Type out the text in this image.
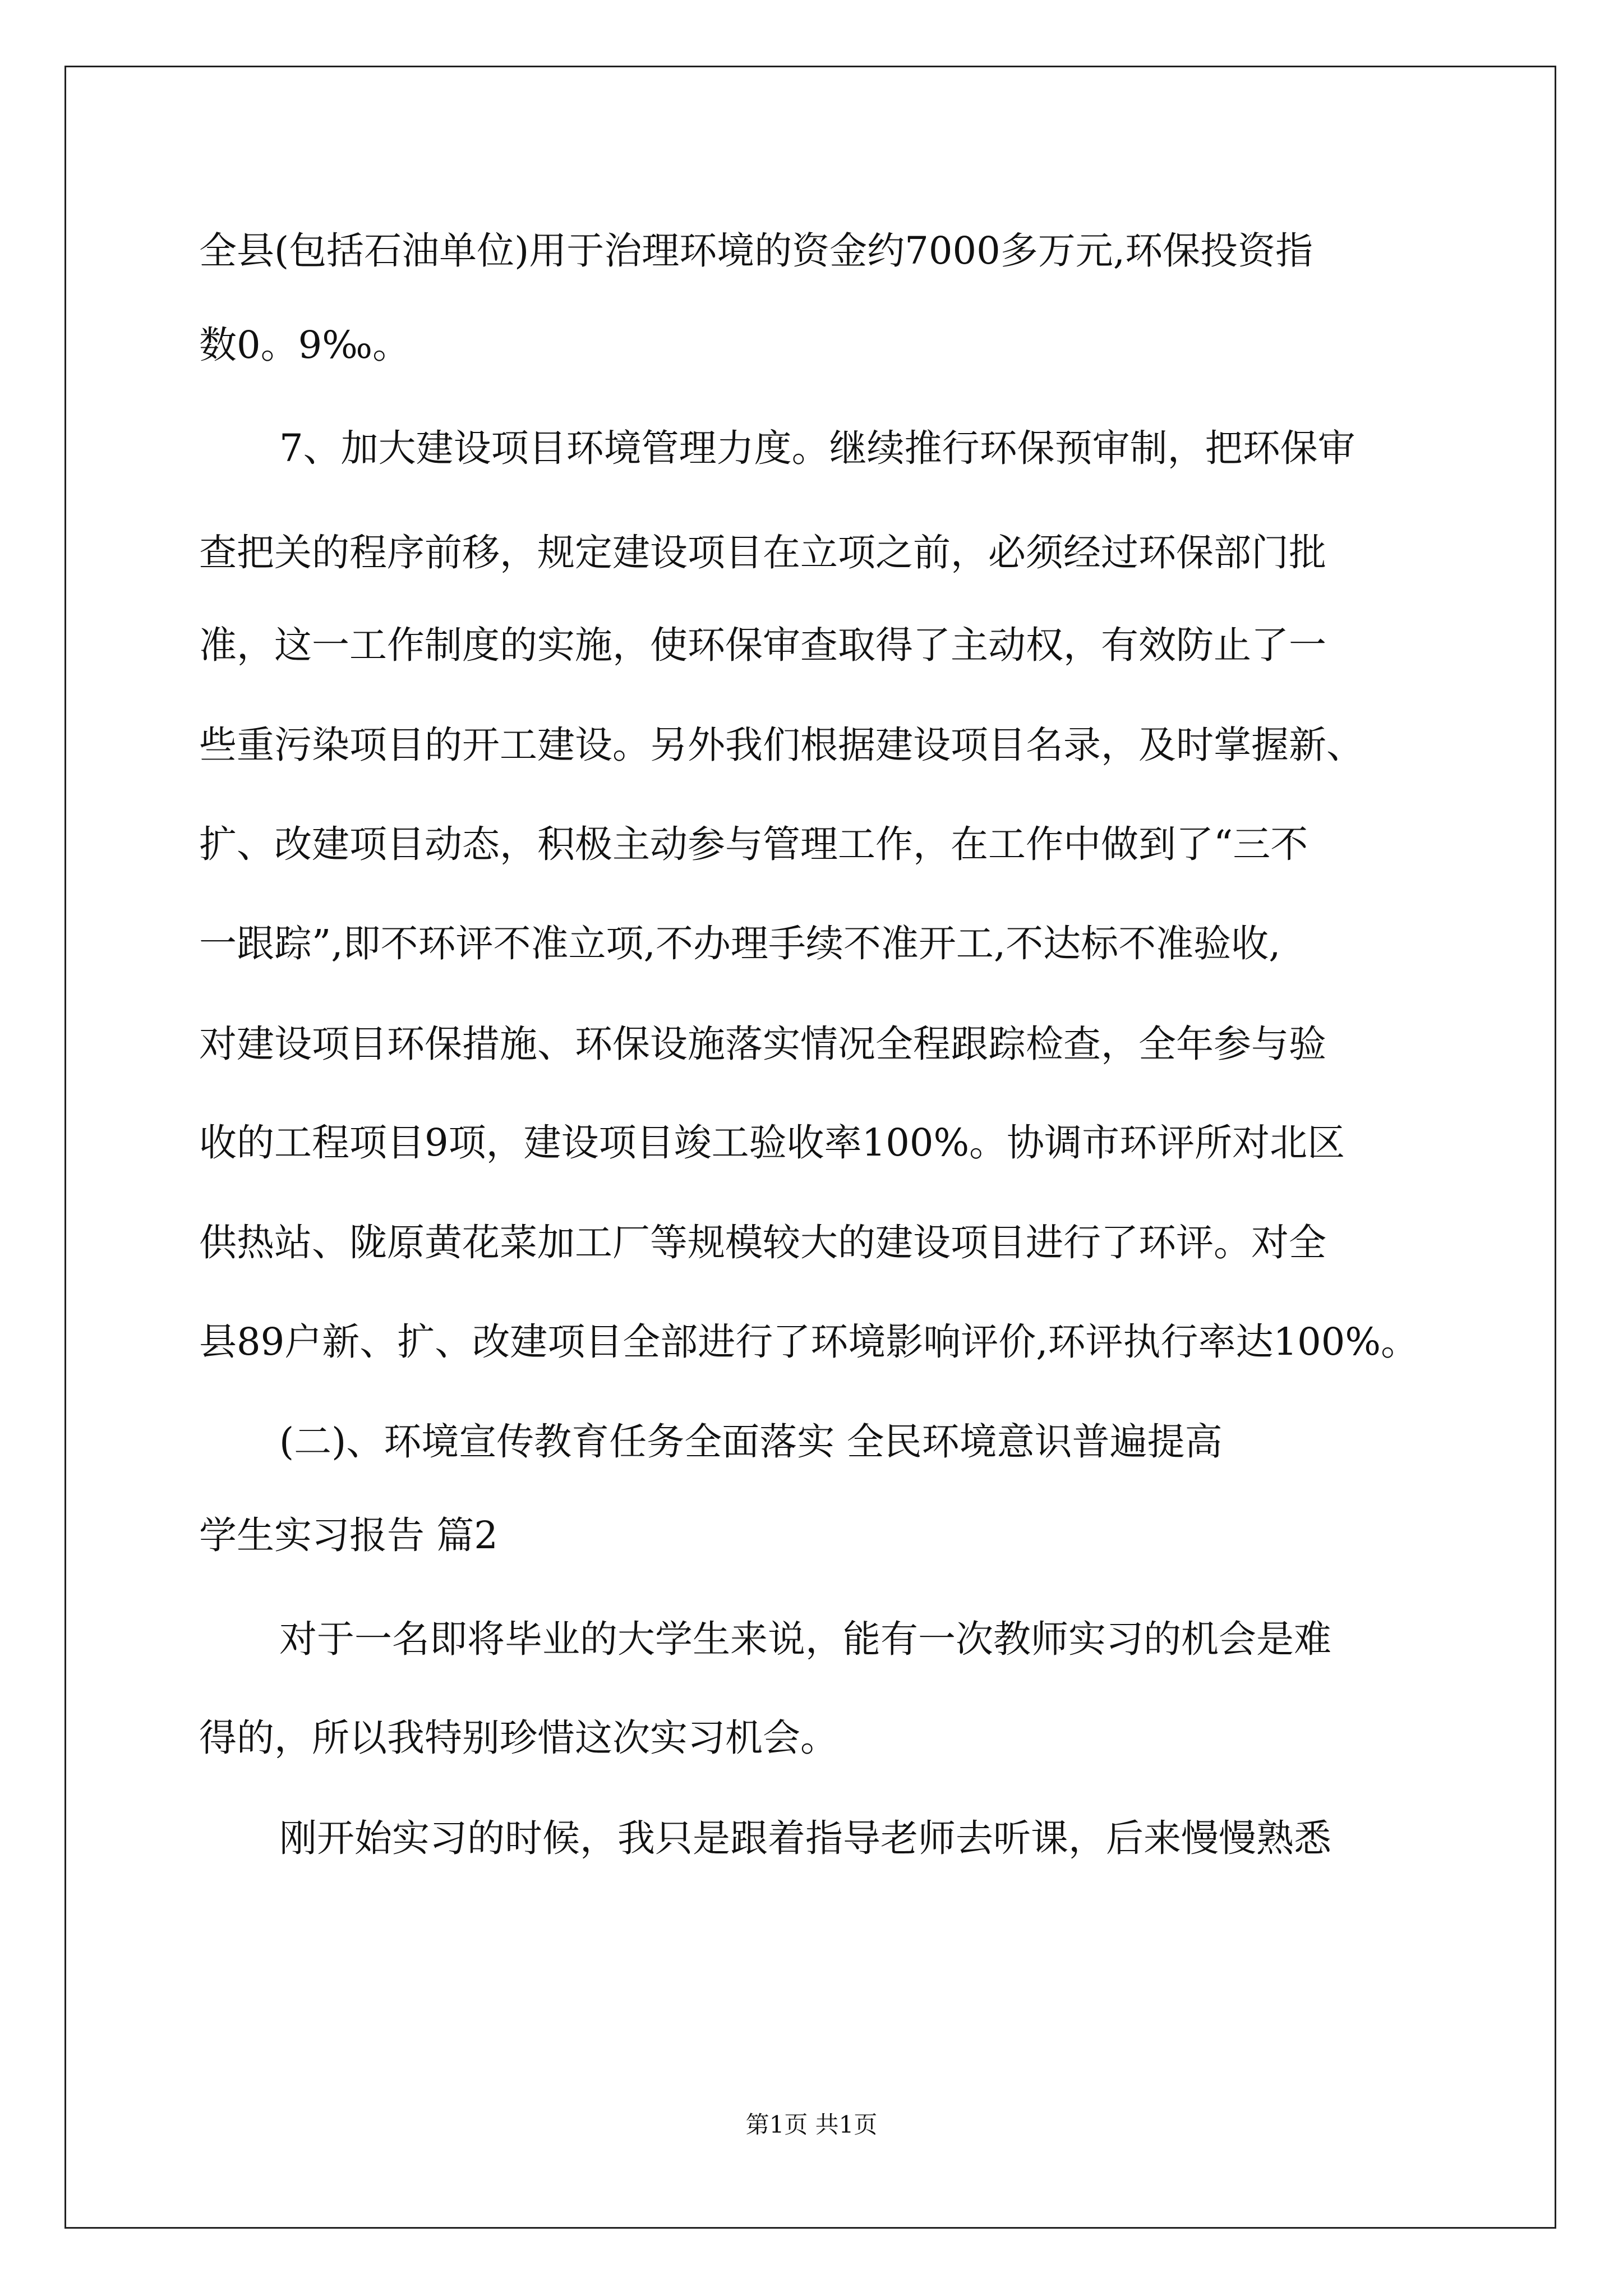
全县(包括石油单位)用于治理环境的资金约7000多万元,环保投资指

数0。9‰。

7、加大建设项目环境管理力度。继续推行环保预审制，把环保审

查把关的程序前移，规定建设项目在立项之前，必须经过环保部门批

准，这一工作制度的实施，使环保审查取得了主动权，有效防止了一

些重污染项目的开工建设。另外我们根据建设项目名录，及时掌握新、

扩、改建项目动态，积极主动参与管理工作，在工作中做到了“三不

一跟踪”,即不环评不准立项,不办理手续不准开工,不达标不准验收,

对建设项目环保措施、环保设施落实情况全程跟踪检查，全年参与验

收的工程项目9项，建设项目竣工验收率100%。协调市环评所对北区

供热站、陇原黄花菜加工厂等规模较大的建设项目进行了环评。对全

县89户新、扩、改建项目全部进行了环境影响评价,环评执行率达100%。

(二)、环境宣传教育任务全面落实 全民环境意识普遍提高

学生实习报告 篇2

对于一名即将毕业的大学生来说，能有一次教师实习的机会是难

得的，所以我特别珍惜这次实习机会。

刚开始实习的时候，我只是跟着指导老师去听课，后来慢慢熟悉

第1页 共1页
